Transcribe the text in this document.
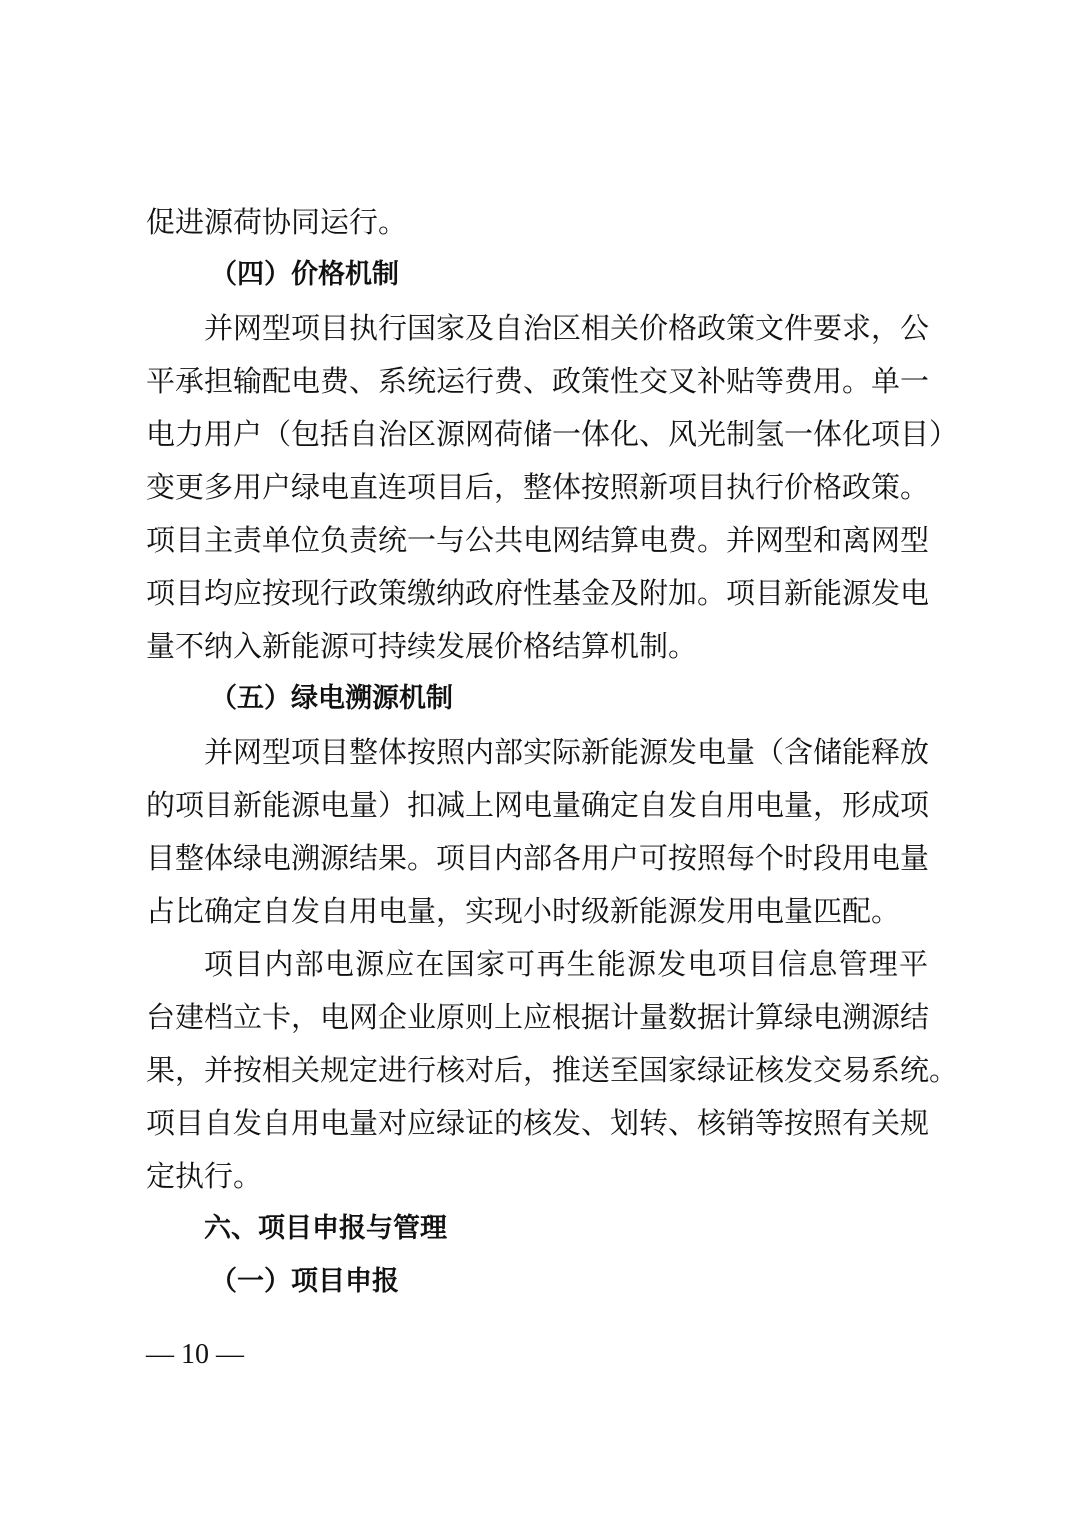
促进源荷协同运行。
（四）价格机制
并网型项目执行国家及自治区相关价格政策文件要求，公
平承担输配电费、系统运行费、政策性交叉补贴等费用。单一
电力用户（包括自治区源网荷储一体化、风光制氢一体化项目）
变更多用户绿电直连项目后，整体按照新项目执行价格政策。
项目主责单位负责统一与公共电网结算电费。并网型和离网型
项目均应按现行政策缴纳政府性基金及附加。项目新能源发电
量不纳入新能源可持续发展价格结算机制。
（五）绿电溯源机制
并网型项目整体按照内部实际新能源发电量（含储能释放
的项目新能源电量）扣减上网电量确定自发自用电量，形成项
目整体绿电溯源结果。项目内部各用户可按照每个时段用电量
占比确定自发自用电量，实现小时级新能源发用电量匹配。
项目内部电源应在国家可再生能源发电项目信息管理平
台建档立卡，电网企业原则上应根据计量数据计算绿电溯源结
果，并按相关规定进行核对后，推送至国家绿证核发交易系统。
项目自发自用电量对应绿证的核发、划转、核销等按照有关规
定执行。
六、项目申报与管理
（一）项目申报
— 10 —
